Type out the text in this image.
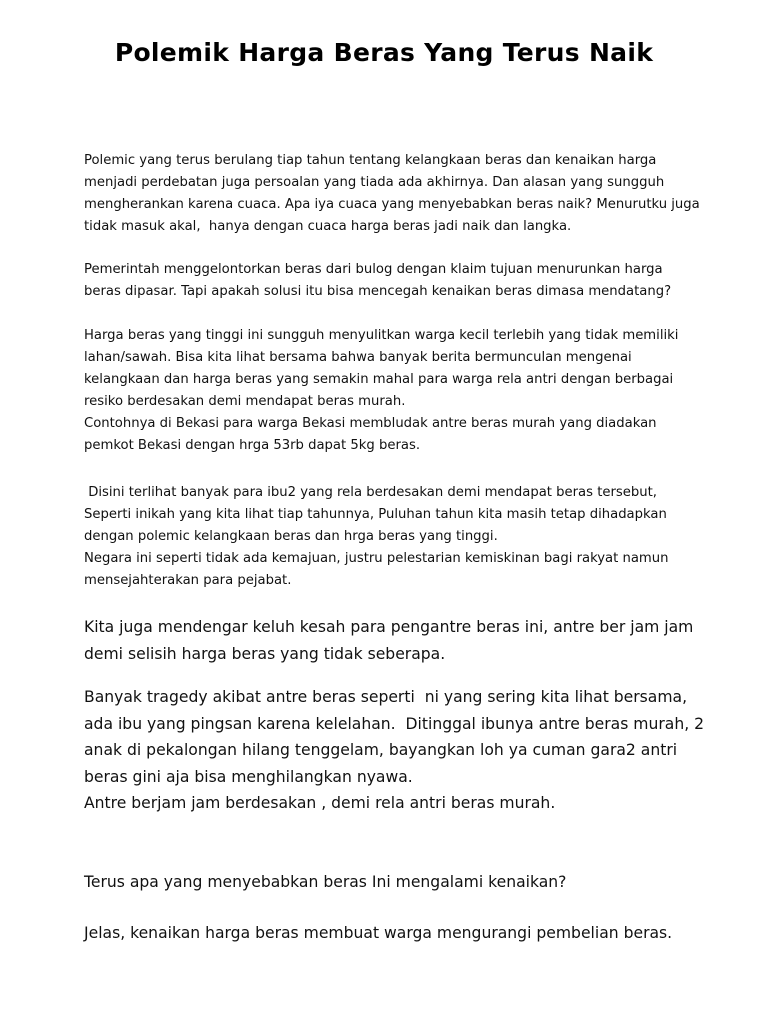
Polemik Harga Beras Yang Terus Naik
Polemic yang terus berulang tiap tahun tentang kelangkaan beras dan kenaikan harga
menjadi perdebatan juga persoalan yang tiada ada akhirnya. Dan alasan yang sungguh
mengherankan karena cuaca. Apa iya cuaca yang menyebabkan beras naik? Menurutku juga
tidak masuk akal,  hanya dengan cuaca harga beras jadi naik dan langka.
Pemerintah menggelontorkan beras dari bulog dengan klaim tujuan menurunkan harga
beras dipasar. Tapi apakah solusi itu bisa mencegah kenaikan beras dimasa mendatang?
Harga beras yang tinggi ini sungguh menyulitkan warga kecil terlebih yang tidak memiliki
lahan/sawah. Bisa kita lihat bersama bahwa banyak berita bermunculan mengenai
kelangkaan dan harga beras yang semakin mahal para warga rela antri dengan berbagai
resiko berdesakan demi mendapat beras murah.
Contohnya di Bekasi para warga Bekasi membludak antre beras murah yang diadakan
pemkot Bekasi dengan hrga 53rb dapat 5kg beras.
Disini terlihat banyak para ibu2 yang rela berdesakan demi mendapat beras tersebut,
Seperti inikah yang kita lihat tiap tahunnya, Puluhan tahun kita masih tetap dihadapkan
dengan polemic kelangkaan beras dan hrga beras yang tinggi.
Negara ini seperti tidak ada kemajuan, justru pelestarian kemiskinan bagi rakyat namun
mensejahterakan para pejabat.
Kita juga mendengar keluh kesah para pengantre beras ini, antre ber jam jam
demi selisih harga beras yang tidak seberapa.
Banyak tragedy akibat antre beras seperti  ni yang sering kita lihat bersama,
ada ibu yang pingsan karena kelelahan.  Ditinggal ibunya antre beras murah, 2
anak di pekalongan hilang tenggelam, bayangkan loh ya cuman gara2 antri
beras gini aja bisa menghilangkan nyawa.
Antre berjam jam berdesakan , demi rela antri beras murah.
Terus apa yang menyebabkan beras Ini mengalami kenaikan?
Jelas, kenaikan harga beras membuat warga mengurangi pembelian beras.
